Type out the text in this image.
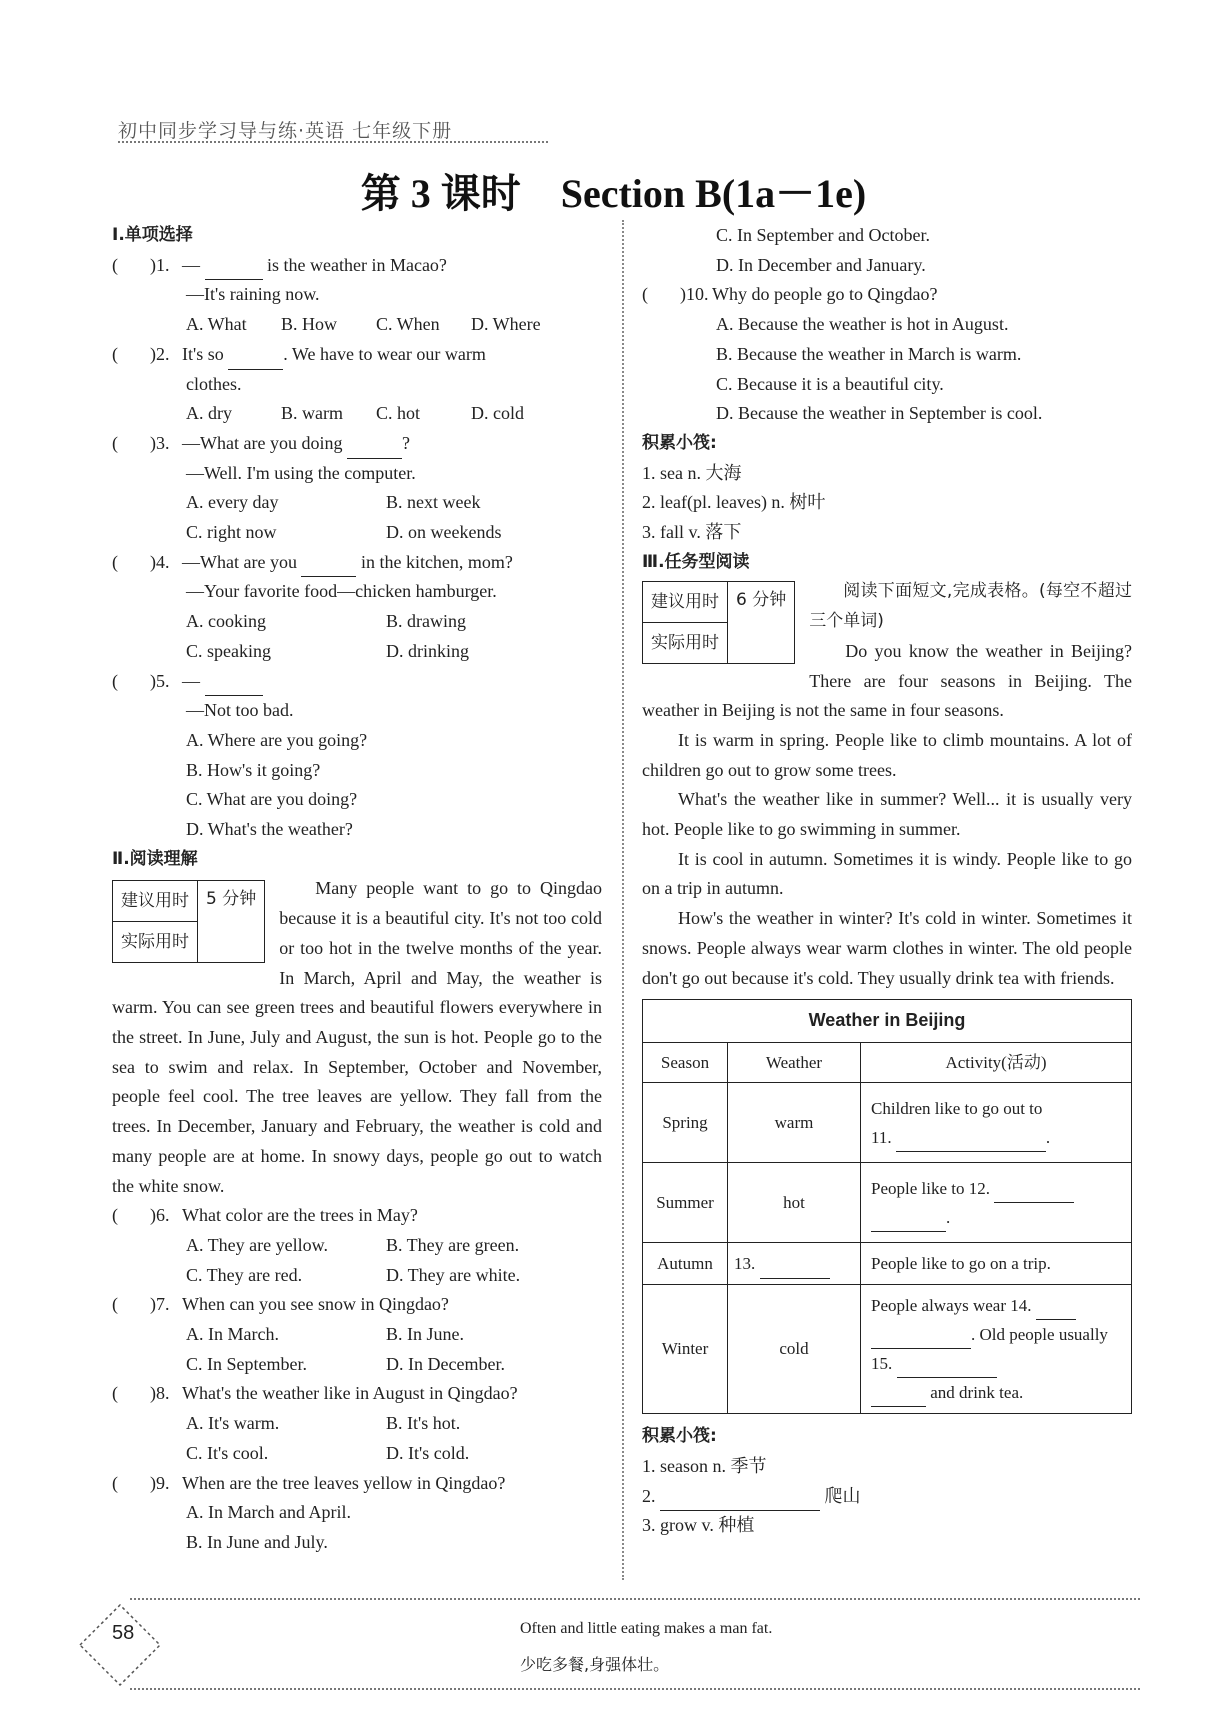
初中同步学习导与练·英语 七年级下册
第 3 课时 Section B(1a－1e)
Ⅰ.单项选择
( )1. —	is the weather in Macao?
—It's raining now.
A. What	B. How	C. When	D. Where
( )2. It's so	. We have to wear our warm
clothes.
A. dry	B. warm	C. hot	D. cold
( )3. —What are you doing	?
—Well. I'm using the computer.
A. every day	B. next week
C. right now	D. on weekends
( )4. —What are you	in the kitchen, mom?
—Your favorite food—chicken hamburger.
A. cooking	B. drawing
C. speaking	D. drinking
( )5. —
—Not too bad.
A. Where are you going?
B. How's it going?
C. What are you doing?
D. What's the weather?
Ⅱ.阅读理解
建议用时	5 分钟
实际用时
Many people want to go to Qingdao because it is a beautiful city. It's not too cold or too hot in the twelve months of the year. In March, April and May, the weather is warm. You can see green trees and beautiful flowers everywhere in the street. In June, July and August, the sun is hot. People go to the sea to swim and relax. In September, October and November, people feel cool. The tree leaves are yellow. They fall from the trees. In December, January and February, the weather is cold and many people are at home. In snowy days, people go out to watch the white snow.
( )6. What color are the trees in May?
A. They are yellow.	B. They are green.
C. They are red.	D. They are white.
( )7. When can you see snow in Qingdao?
A. In March.	B. In June.
C. In September.	D. In December.
( )8. What's the weather like in August in Qingdao?
A. It's warm.	B. It's hot.
C. It's cool.	D. It's cold.
( )9. When are the tree leaves yellow in Qingdao?
A. In March and April.
B. In June and July.
C. In September and October.
D. In December and January.
( )10. Why do people go to Qingdao?
A. Because the weather is hot in August.
B. Because the weather in March is warm.
C. Because it is a beautiful city.
D. Because the weather in September is cool.
积累小筏:
1. sea n. 大海
2. leaf(pl. leaves) n. 树叶
3. fall v. 落下
Ⅲ.任务型阅读
建议用时	6 分钟
实际用时
阅读下面短文,完成表格。(每空不超过三个单词)
Do you know the weather in Beijing? There are four seasons in Beijing. The weather in Beijing is not the same in four seasons.
It is warm in spring. People like to climb mountains. A lot of children go out to grow some trees.
What's the weather like in summer? Well... it is usually very hot. People like to go swimming in summer.
It is cool in autumn. Sometimes it is windy. People like to go on a trip in autumn.
How's the weather in winter? It's cold in winter. Sometimes it snows. People always wear warm clothes in winter. The old people don't go out because it's cold. They usually drink tea with friends.
Weather in Beijing		
Season	Weather	Activity(活动)
Spring	warm	Children like to go out to
11. .
Summer	hot	People like to 12.
.
Autumn	13.	People like to go on a trip.
Winter	cold	People always wear 14.
. Old people usually 15.
and drink tea.
积累小筏:
1. season n. 季节
2.	爬山
3. grow v. 种植
58	Often and little eating makes a man fat.
少吃多餐,身强体壮。
